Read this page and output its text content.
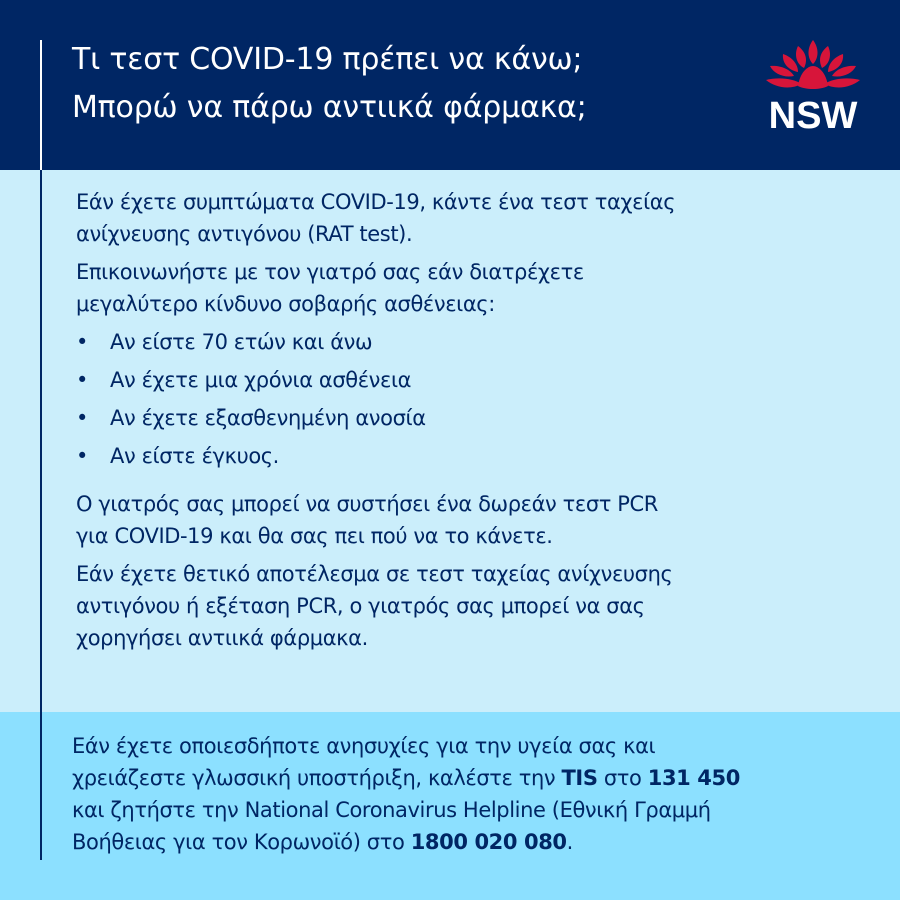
Τι τεστ COVID-19 πρέπει να κάνω;
Μπορώ να πάρω αντιικά φάρμακα;	NSW
Εάν έχετε συμπτώματα COVID-19, κάντε ένα τεστ ταχείας
ανίχνευσης αντιγόνου (RAT test).
Επικοινωνήστε με τον γιατρό σας εάν διατρέχετε
μεγαλύτερο κίνδυνο σοβαρής ασθένειας:
• Αν είστε 70 ετών και άνω
• Αν έχετε μια χρόνια ασθένεια
• Αν έχετε εξασθενημένη ανοσία
• Αν είστε έγκυος.
Ο γιατρός σας μπορεί να συστήσει ένα δωρεάν τεστ PCR
για COVID-19 και θα σας πει πού να το κάνετε.
Εάν έχετε θετικό αποτέλεσμα σε τεστ ταχείας ανίχνευσης
αντιγόνου ή εξέταση PCR, ο γιατρός σας μπορεί να σας
χορηγήσει αντιικά φάρμακα.
Εάν έχετε οποιεσδήποτε ανησυχίες για την υγεία σας και
χρειάζεστε γλωσσική υποστήριξη, καλέστε την TIS στο 131 450
και ζητήστε την National Coronavirus Helpline (Εθνική Γραμμή
Βοήθειας για τον Κορωνοϊό) στο 1800 020 080.
